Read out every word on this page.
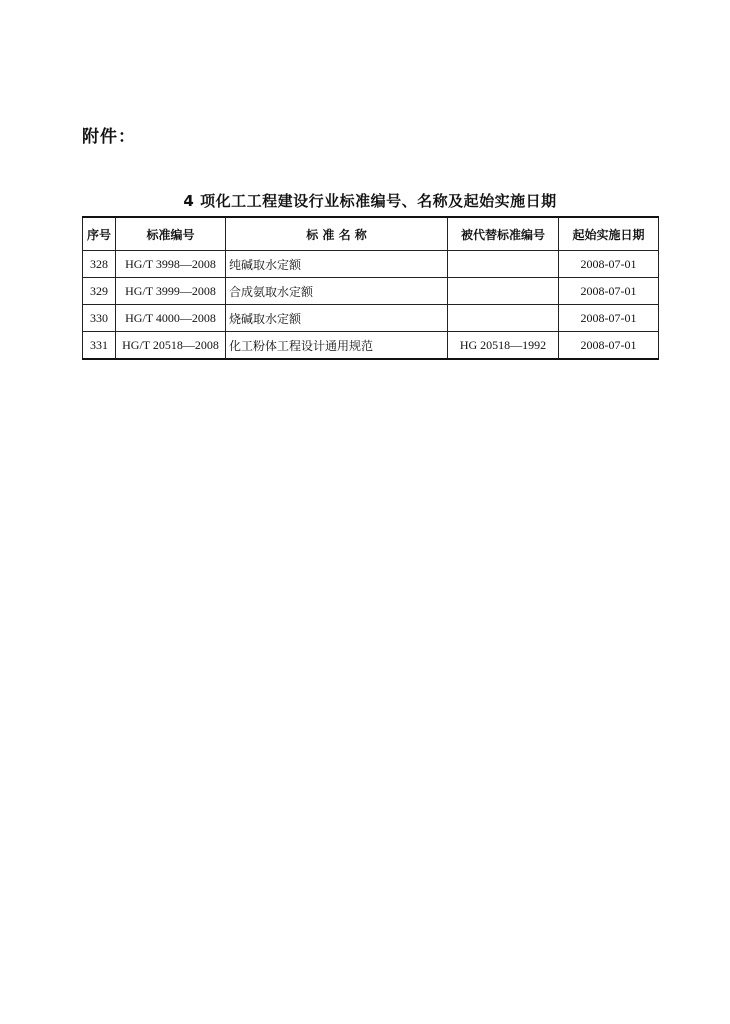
附件：
4 项化工工程建设行业标准编号、名称及起始实施日期
序号	标准编号	标 准 名 称	被代替标准编号	起始实施日期
328	HG/T 3998—2008	纯碱取水定额		2008-07-01
329	HG/T 3999—2008	合成氨取水定额		2008-07-01
330	HG/T 4000—2008	烧碱取水定额		2008-07-01
331	HG/T 20518—2008	化工粉体工程设计通用规范	HG 20518—1992	2008-07-01
